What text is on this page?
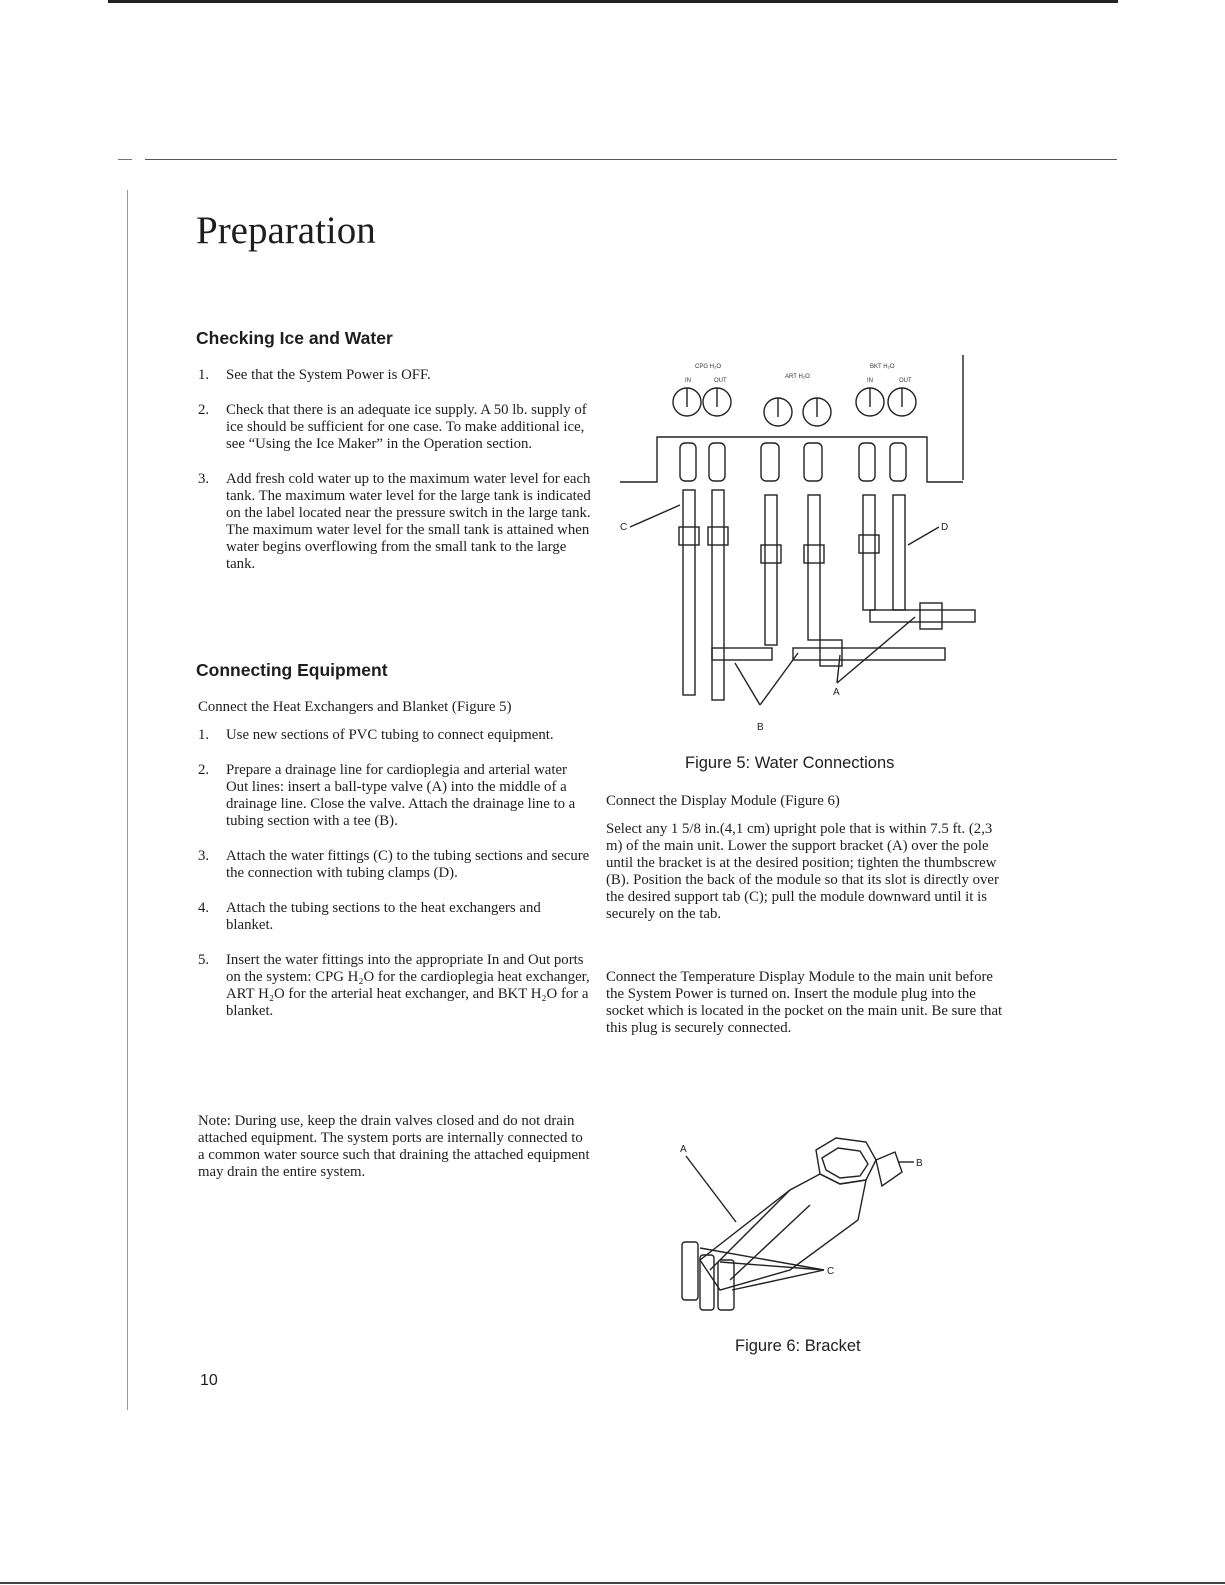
Preparation
Checking Ice and Water
1. See that the System Power is OFF.
2. Check that there is an adequate ice supply. A 50 lb. supply of ice should be sufficient for one case. To make additional ice, see “Using the Ice Maker” in the Operation section.
3. Add fresh cold water up to the maximum water level for each tank. The maximum water level for the large tank is indicated on the label located near the pressure switch in the large tank. The maximum water level for the small tank is attained when water begins overflowing from the small tank to the large tank.
Connecting Equipment

Connect the Heat Exchangers and Blanket (Figure 5)

1. Use new sections of PVC tubing to connect equipment.
2. Prepare a drainage line for cardioplegia and arterial water Out lines: insert a ball-type valve (A) into the middle of a drainage line. Close the valve. Attach the drainage line to a tubing section with a tee (B).
3. Attach the water fittings (C) to the tubing sections and secure the connection with tubing clamps (D).
4. Attach the tubing sections to the heat exchangers and blanket.
5. Insert the water fittings into the appropriate In and Out ports on the system: CPG H₂O for the cardioplegia heat exchanger, ART H₂O for the arterial heat exchanger, and BKT H₂O for a blanket.

Note: During use, keep the drain valves closed and do not drain attached equipment. The system ports are internally connected to a common water source such that draining the attached equipment may drain the entire system.

10
CPG H₂O
ART H₂O
BKT H₂O
IN	OUT	IN	OUT
C	D
A
B
Figure 5: Water Connections

Connect the Display Module (Figure 6)

Select any 1 5/8 in.(4,1 cm) upright pole that is within 7.5 ft. (2,3 m) of the main unit. Lower the support bracket (A) over the pole until the bracket is at the desired position; tighten the thumbscrew (B). Position the back of the module so that its slot is directly over the desired support tab (C); pull the module downward until it is securely on the tab.

Connect the Temperature Display Module to the main unit before the System Power is turned on. Insert the module plug into the socket which is located in the pocket on the main unit. Be sure that this plug is securely connected.

A
B
C
Figure 6: Bracket
